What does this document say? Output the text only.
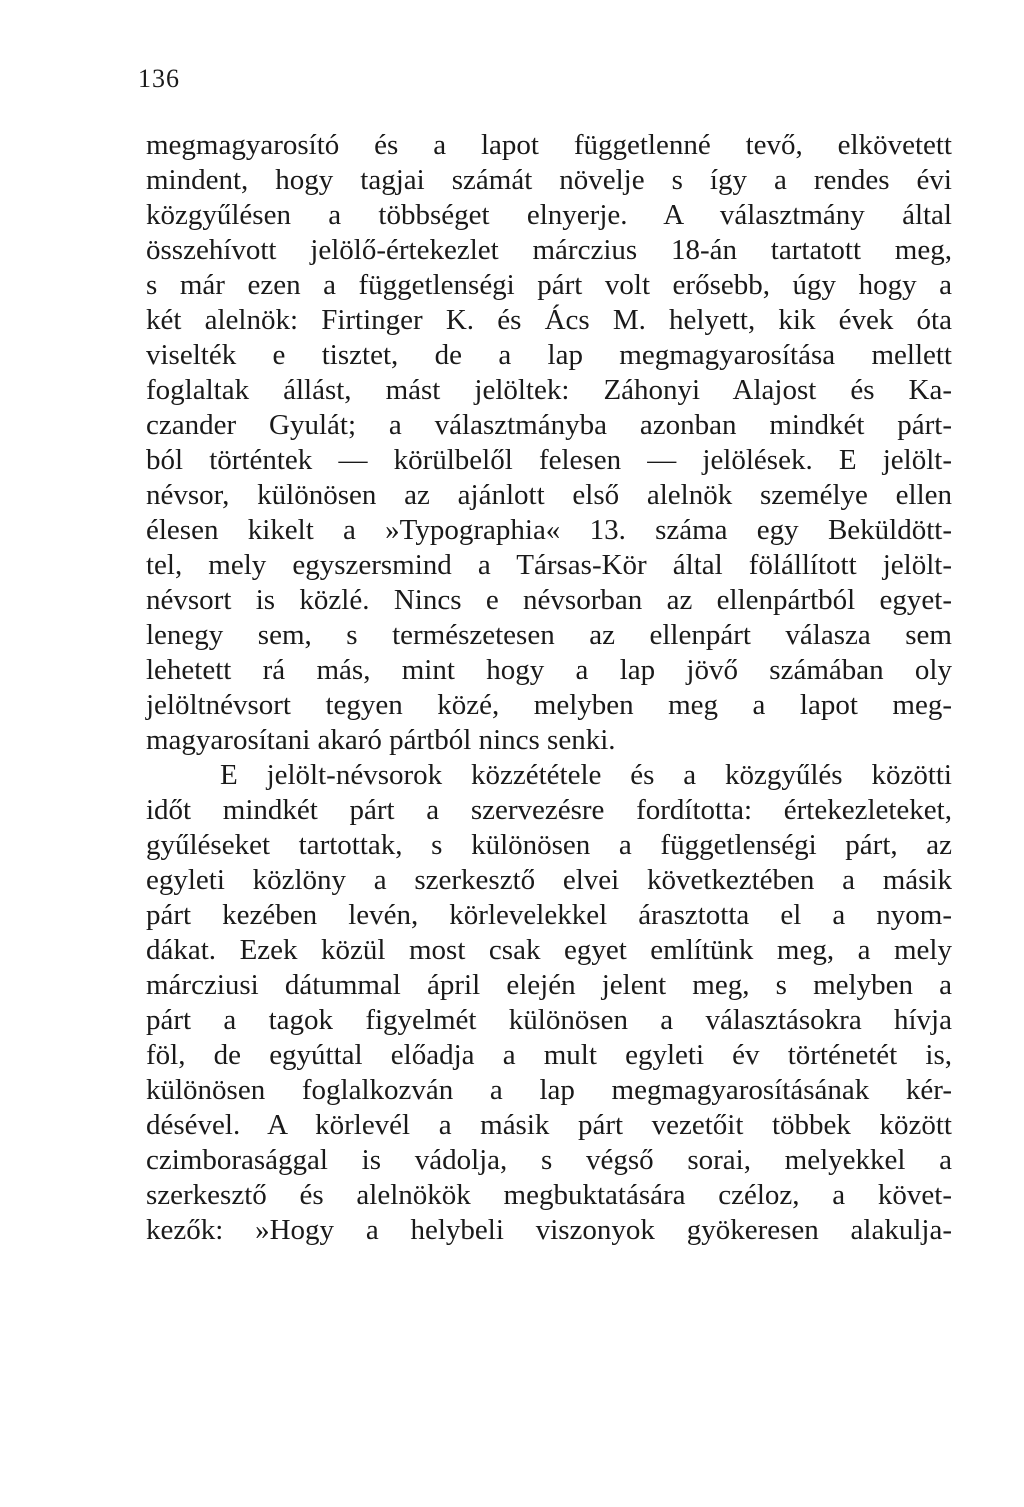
136
megmagyarosító és a lapot függetlenné tevő, elkövetett
mindent, hogy tagjai számát növelje s így a rendes évi
közgyűlésen a többséget elnyerje. A választmány által
összehívott jelölő-értekezlet márczius 18-án tartatott meg,
s már ezen a függetlenségi párt volt erősebb, úgy hogy a
két alelnök: Firtinger K. és Ács M. helyett, kik évek óta
viselték e tisztet, de a lap megmagyarosítása mellett
foglaltak állást, mást jelöltek: Záhonyi Alajost és Ka-
czander Gyulát; a választmányba azonban mindkét párt-
ból történtek — körülbelől felesen — jelölések. E jelölt-
névsor, különösen az ajánlott első alelnök személye ellen
élesen kikelt a »Typographia« 13. száma egy Beküldött-
tel, mely egyszersmind a Társas-Kör által fölállított jelölt-
névsort is közlé. Nincs e névsorban az ellenpártból egyet-
lenegy sem, s természetesen az ellenpárt válasza sem
lehetett rá más, mint hogy a lap jövő számában oly
jelöltnévsort tegyen közé, melyben meg a lapot meg-
magyarosítani akaró pártból nincs senki.
E jelölt-névsorok közzététele és a közgyűlés közötti
időt mindkét párt a szervezésre fordította: értekezleteket,
gyűléseket tartottak, s különösen a függetlenségi párt, az
egyleti közlöny a szerkesztő elvei következtében a másik
párt kezében levén, körlevelekkel árasztotta el a nyom-
dákat. Ezek közül most csak egyet említünk meg, a mely
márcziusi dátummal ápril elején jelent meg, s melyben a
párt a tagok figyelmét különösen a választásokra hívja
föl, de egyúttal előadja a mult egyleti év történetét is,
különösen foglalkozván a lap megmagyarosításának kér-
désével. A körlevél a másik párt vezetőit többek között
czimborasággal is vádolja, s végső sorai, melyekkel a
szerkesztő és alelnökök megbuktatására czéloz, a követ-
kezők: »Hogy a helybeli viszonyok gyökeresen alakulja-
